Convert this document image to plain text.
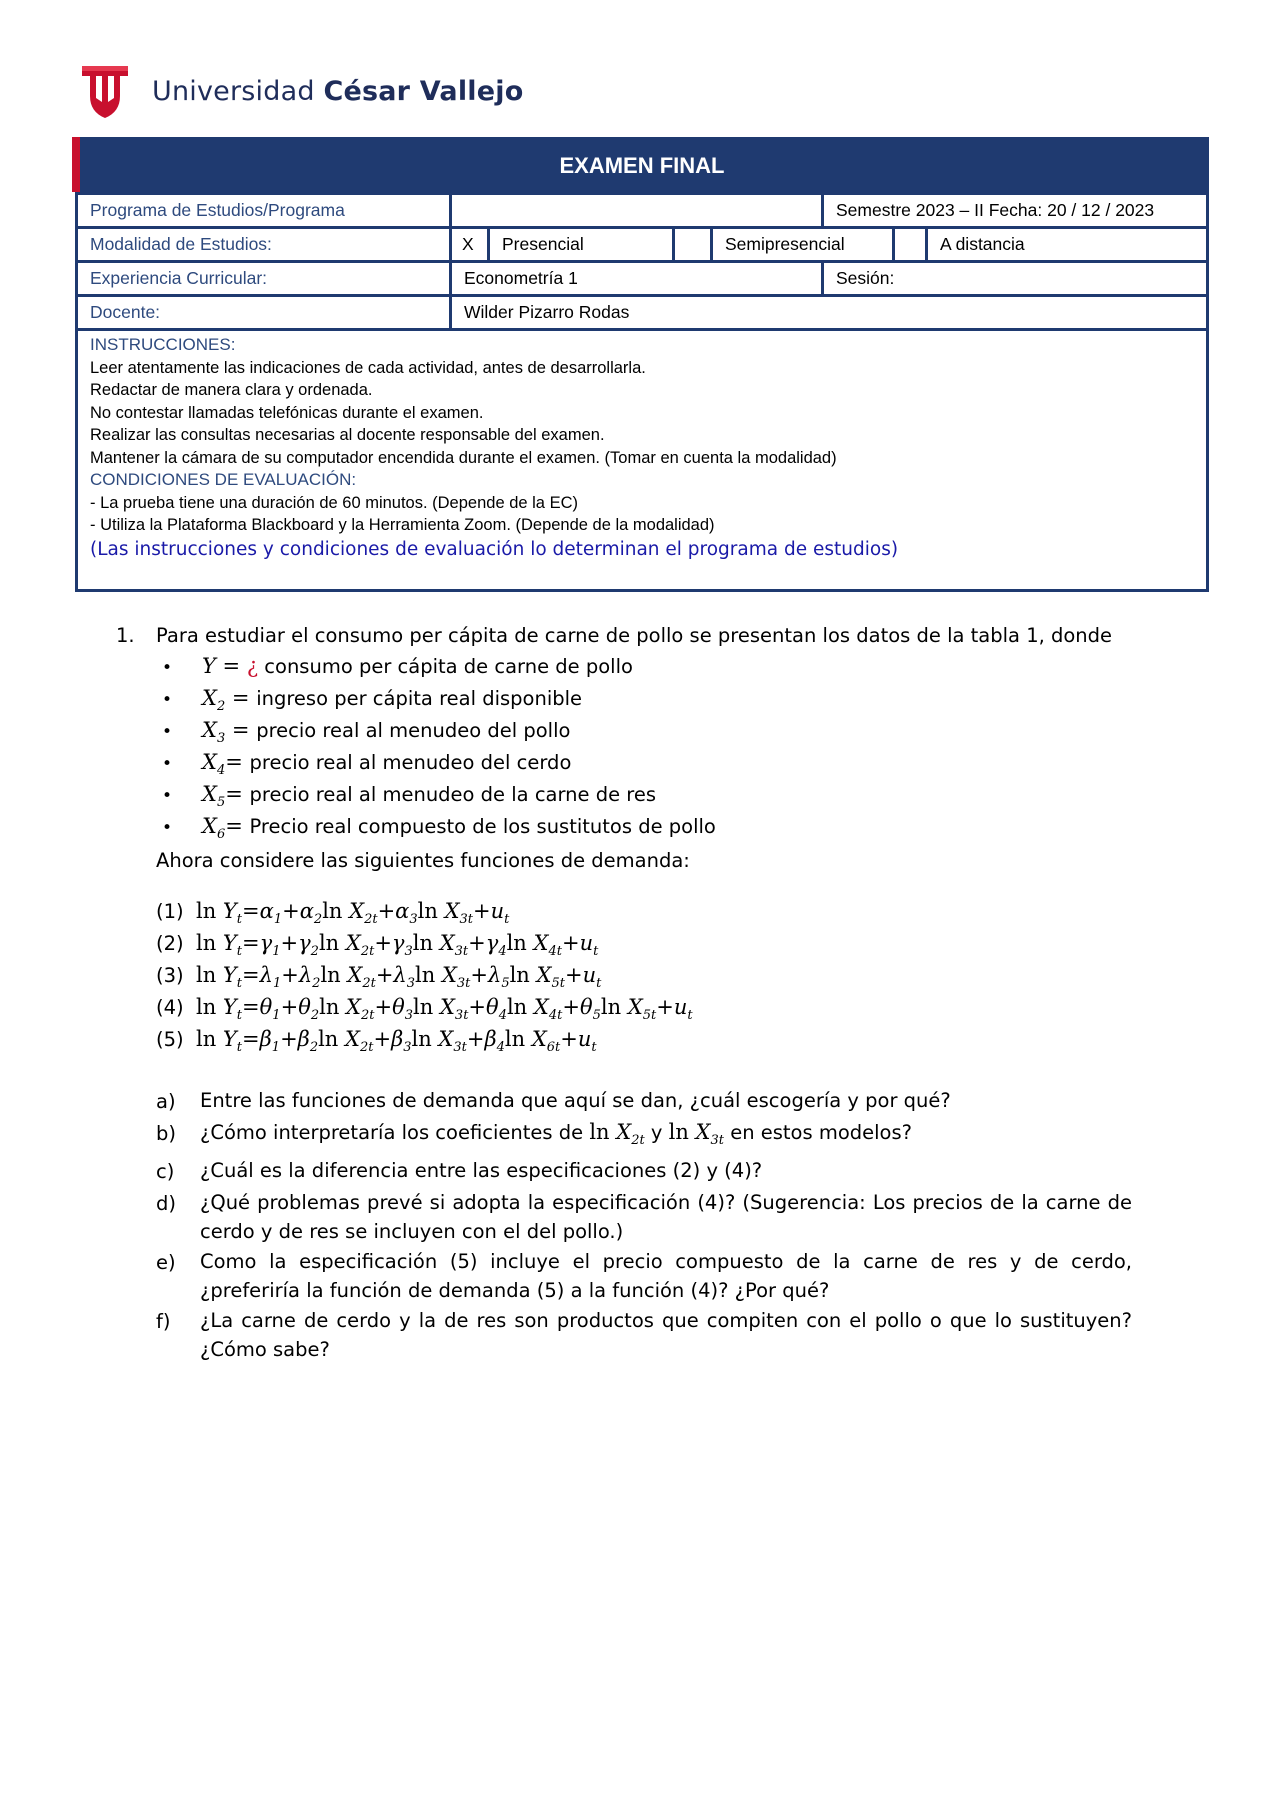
Universidad César Vallejo
EXAMEN FINAL
Programa de Estudios/Programa	Semestre 2023 – II Fecha: 20 / 12 / 2023
Modalidad de Estudios:	X	Presencial	Semipresencial	A distancia
Experiencia Curricular:	Econometría 1	Sesión:
Docente:	Wilder Pizarro Rodas
INSTRUCCIONES:
Leer atentamente las indicaciones de cada actividad, antes de desarrollarla.
Redactar de manera clara y ordenada.
No contestar llamadas telefónicas durante el examen.
Realizar las consultas necesarias al docente responsable del examen.
Mantener la cámara de su computador encendida durante el examen. (Tomar en cuenta la modalidad)
CONDICIONES DE EVALUACIÓN:
- La prueba tiene una duración de 60 minutos. (Depende de la EC)
- Utiliza la Plataforma Blackboard y la Herramienta Zoom. (Depende de la modalidad)
(Las instrucciones y condiciones de evaluación lo determinan el programa de estudios)
1.	Para estudiar el consumo per cápita de carne de pollo se presentan los datos de la tabla 1, donde
•	Y = ¿ consumo per cápita de carne de pollo
•	$X_2$ = ingreso per cápita real disponible
•	$X_3$ = precio real al menudeo del pollo
•	$X_4=$ precio real al menudeo del cerdo
•	$X_5=$ precio real al menudeo de la carne de res
•	$X_6=$ Precio real compuesto de los sustitutos de pollo
Ahora considere las siguientes funciones de demanda:
(1) $\ln Y_t=\alpha_1+\alpha_2\ln$ $X_{2t}+\alpha_3\ln$ $X_{3t}+u_t$
(2) $\ln Y_t=\gamma_1+\gamma_2\ln$ $X_{2t}+\gamma_3\ln$ $X_{3t}+\gamma_4\ln$ $X_{4t}+u_t$
(3) $\ln Y_t=\lambda_1+\lambda_2\ln$ $X_{2t}+\lambda_3\ln$ $X_{3t}+\lambda_5\ln$ $X_{5t}+u_t$
(4) $\ln Y_t=\theta_1+\theta_2\ln$ $X_{2t}+\theta_3\ln$ $X_{3t}+\theta_4\ln$ $X_{4t}+\theta_5\ln$ $X_{5t}+u_t$
(5) $\ln Y_t=\beta_1+\beta_2\ln$ $X_{2t}+\beta_3\ln$ $X_{3t}+\beta_4\ln$ $X_{6t}+u_t$
a)	Entre las funciones de demanda que aquí se dan, ¿cuál escogería y por qué?
b)	¿Cómo interpretaría los coeficientes de $\ln X_{2t}$ y $\ln X_{3t}$ en estos modelos?
c)	¿Cuál es la diferencia entre las especificaciones (2) y (4)?
d)	¿Qué problemas prevé si adopta la especificación (4)? (Sugerencia: Los precios de la carne de cerdo y de res se incluyen con el del pollo.)
e)	Como la especificación (5) incluye el precio compuesto de la carne de res y de cerdo, ¿preferiría la función de demanda (5) a la función (4)? ¿Por qué?
f)	¿La carne de cerdo y la de res son productos que compiten con el pollo o que lo sustituyen? ¿Cómo sabe?
